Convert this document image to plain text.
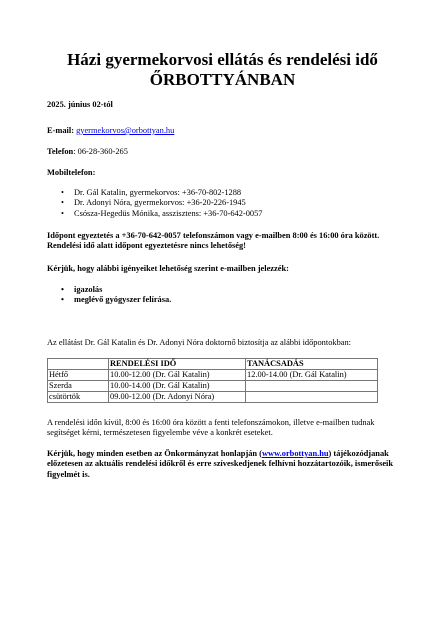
Házi gyermekorvosi ellátás és rendelési idő
ŐRBOTTYÁNBAN
2025. június 02-tól
E-mail: gyermekorvos@orbottyan.hu
Telefon: 06-28-360-265
Mobiltelefon:
• Dr. Gál Katalin, gyermekorvos: +36-70-802-1288
• Dr. Adonyi Nóra, gyermekorvos: +36-20-226-1945
• Csósza-Hegedüs Mónika, asszisztens: +36-70-642-0057
Időpont egyeztetés a +36-70-642-0057 telefonszámon vagy e-mailben 8:00 és 16:00 óra között. Rendelési idő alatt időpont egyeztetésre nincs lehetőség!
Kérjük, hogy alábbi igényeiket lehetőség szerint e-mailben jelezzék:
• igazolás
• meglévő gyógyszer felírása.
Az ellátást Dr. Gál Katalin és Dr. Adonyi Nóra doktornő biztosítja az alábbi időpontokban:
	RENDELÉSI IDŐ	TANÁCSADÁS
Hétfő	10.00-12.00 (Dr. Gál Katalin)	12.00-14.00 (Dr. Gál Katalin)
Szerda	10.00-14.00 (Dr. Gál Katalin)	
csütörtök	09.00-12.00 (Dr. Adonyi Nóra)	
A rendelési időn kívül, 8:00 és 16:00 óra között a fenti telefonszámokon, illetve e-mailben tudnak segítséget kérni, természetesen figyelembe véve a konkrét eseteket.
Kérjük, hogy minden esetben az Önkormányzat honlapján (www.orbottyan.hu) tájékozódjanak előzetesen az aktuális rendelési időkről és erre szíveskedjenek felhívni hozzátartozóik, ismerőseik figyelmét is.
